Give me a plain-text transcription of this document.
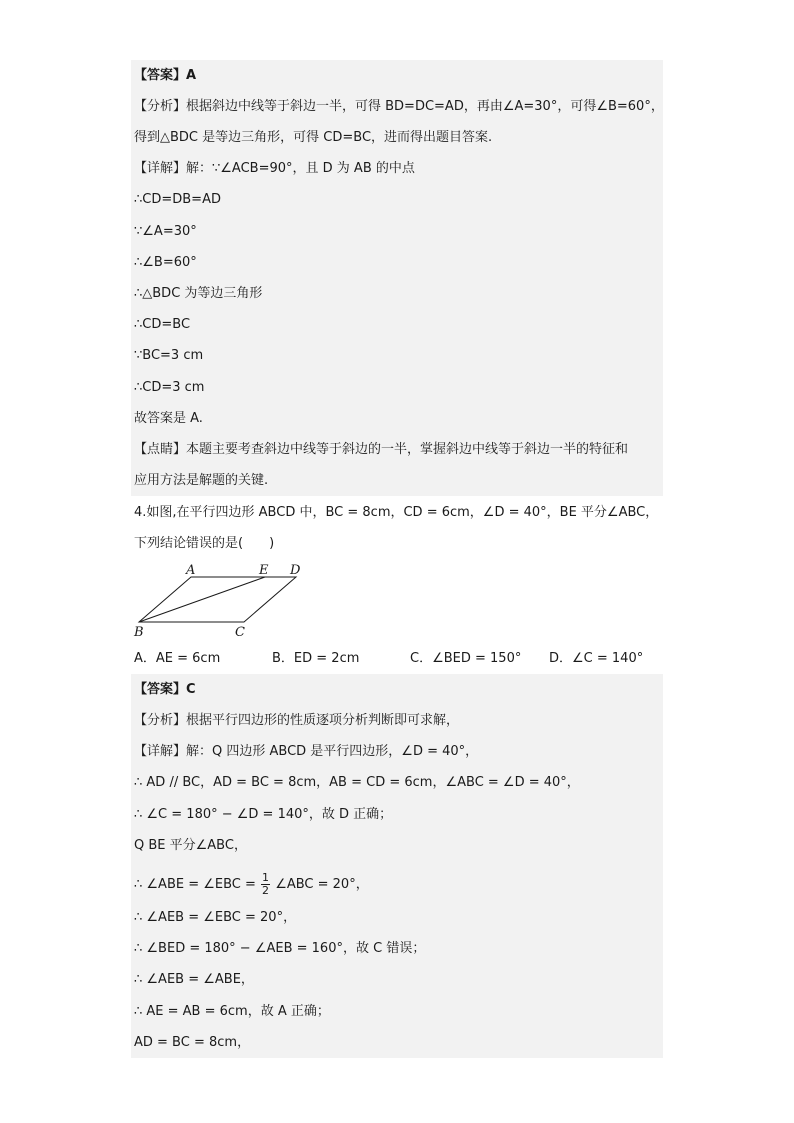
【答案】A
【分析】根据斜边中线等于斜边一半，可得 BD=DC=AD，再由∠A=30°，可得∠B=60°，
得到△BDC 是等边三角形，可得 CD=BC，进而得出题目答案.
【详解】解：∵∠ACB=90°，且 D 为 AB 的中点
∴CD=DB=AD
∵∠A=30°
∴∠B=60°
∴△BDC 为等边三角形
∴CD=BC
∵BC=3 cm
∴CD=3 cm
故答案是 A.
【点睛】本题主要考查斜边中线等于斜边的一半，掌握斜边中线等于斜边一半的特征和
应用方法是解题的关键.
4.如图,在平行四边形 ABCD 中，BC = 8cm，CD = 6cm，∠D = 40°，BE 平分∠ABC，
下列结论错误的是(　　)
A	E D
B	C
A．AE = 6cm	B．ED = 2cm	C．∠BED = 150° D．∠C = 140°
【答案】C
【分析】根据平行四边形的性质逐项分析判断即可求解，
【详解】解：Q 四边形 ABCD 是平行四边形，∠D = 40°，
∴ AD // BC，AD = BC = 8cm，AB = CD = 6cm，∠ABC = ∠D = 40°，
∴ ∠C = 180° − ∠D = 140°，故 D 正确；
Q BE 平分∠ABC，
∴ ∠ABE = ∠EBC = $\frac{1}{2}$ ∠ABC = 20°，
∴ ∠AEB = ∠EBC = 20°，
∴ ∠BED = 180° − ∠AEB = 160°，故 C 错误；
∴ ∠AEB = ∠ABE，
∴ AE = AB = 6cm，故 A 正确；
AD = BC = 8cm，
